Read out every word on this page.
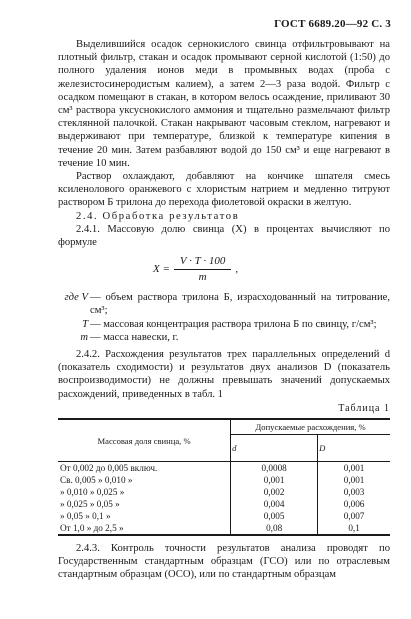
ГОСТ 6689.20—92 С. 3

Выделившийся осадок сернокислого свинца отфильтровывают на плотный фильтр, стакан и осадок промывают серной кислотой (1:50) до полного удаления ионов меди в промывных водах (проба с железистосинеродистым калием), а затем 2—3 раза водой. Фильтр с осадком помещают в стакан, в котором велось осаждение, приливают 30 см³ раствора уксуснокислого аммония и тщательно размельчают фильтр стеклянной палочкой. Стакан накрывают часовым стеклом, нагревают и выдерживают при температуре, близкой к температуре кипения в течение 20 мин. Затем разбавляют водой до 150 см³ и еще нагревают в течение 10 мин.

Раствор охлаждают, добавляют на кончике шпателя смесь ксиленолового оранжевого с хлористым натрием и медленно титруют раствором Б трилона до перехода фиолетовой окраски в желтую.

2.4. Обработка результатов

2.4.1. Массовую долю свинца (X) в процентах вычисляют по формуле

$X = \frac{V \cdot T \cdot 100}{m}$ ,
где V — объем раствора трилона Б, израсходованный на титрование, см³;
T — массовая концентрация раствора трилона Б по свинцу, г/см³;
m — масса навески, г.

2.4.2. Расхождения результатов трех параллельных определений d (показатель сходимости) и результатов двух анализов D (показатель воспроизводимости) не должны превышать значений допускаемых расхождений, приведенных в табл. 1

Таблица 1
Массовая доля свинца, %	Допускаемые расхождения, %	
	d	D
От 0,002 до 0,005 включ.	0,0008	0,001
Св. 0,005 » 0,010 »	0,001	0,001
» 0,010 » 0,025 »	0,002	0,003
» 0,025 » 0,05 »	0,004	0,006
» 0,05 » 0,1 »	0,005	0,007
От 1,0 » до 2,5 »	0,08	0,1

2.4.3. Контроль точности результатов анализа проводят по Государственным стандартным образцам (ГСО) или по отраслевым стандартным образцам (ОСО), или по стандартным образцам
